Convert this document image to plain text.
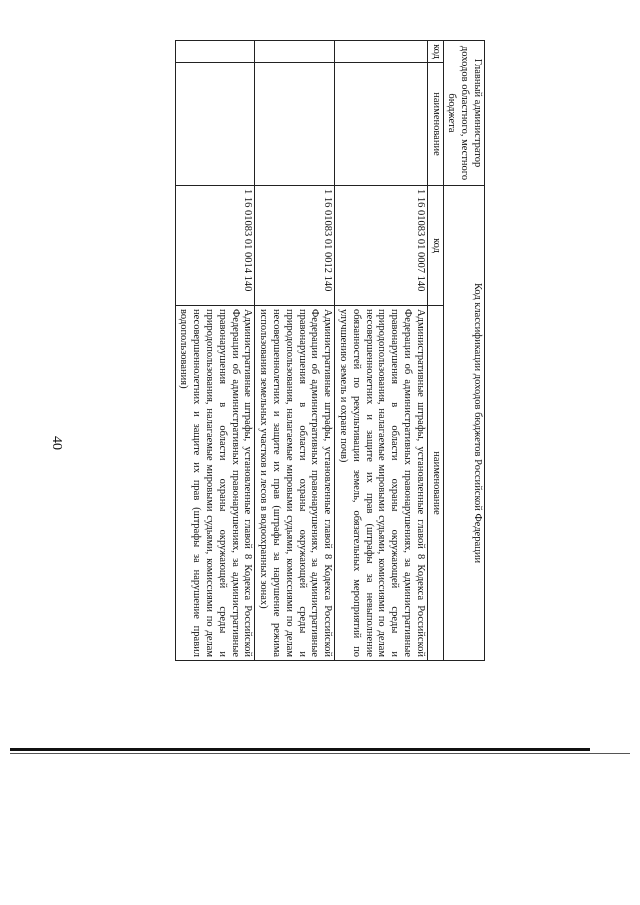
40
Главный администратор доходов областного, местного бюджета		Код классификации доходов бюджетов Российской Федерации	
код	наименование	код	наименование
		1 16 01083 01 0007 140	Административные штрафы, установленные главой 8 Кодекса Российской Федерации об административных правонарушениях, за административные правонарушения в области охраны окружающей среды и природопользования, налагаемые мировыми судьями, комиссиями по делам несовершеннолетних и защите их прав (штрафы за невыполнение обязанностей по рекультивации земель, обязательных мероприятий по улучшению земель и охране почв)
		1 16 01083 01 0012 140	Административные штрафы, установленные главой 8 Кодекса Российской Федерации об административных правонарушениях, за административные правонарушения в области охраны окружающей среды и природопользования, налагаемые мировыми судьями, комиссиями по делам несовершеннолетних и защите их прав (штрафы за нарушение режима использования земельных участков и лесов в водоохранных зонах)
		1 16 01083 01 0014 140	Административные штрафы, установленные главой 8 Кодекса Российской Федерации об административных правонарушениях, за административные правонарушения в области охраны окружающей среды и природопользования, налагаемые мировыми судьями, комиссиями по делам несовершеннолетних и защите их прав (штрафы за нарушение правил водопользования)
